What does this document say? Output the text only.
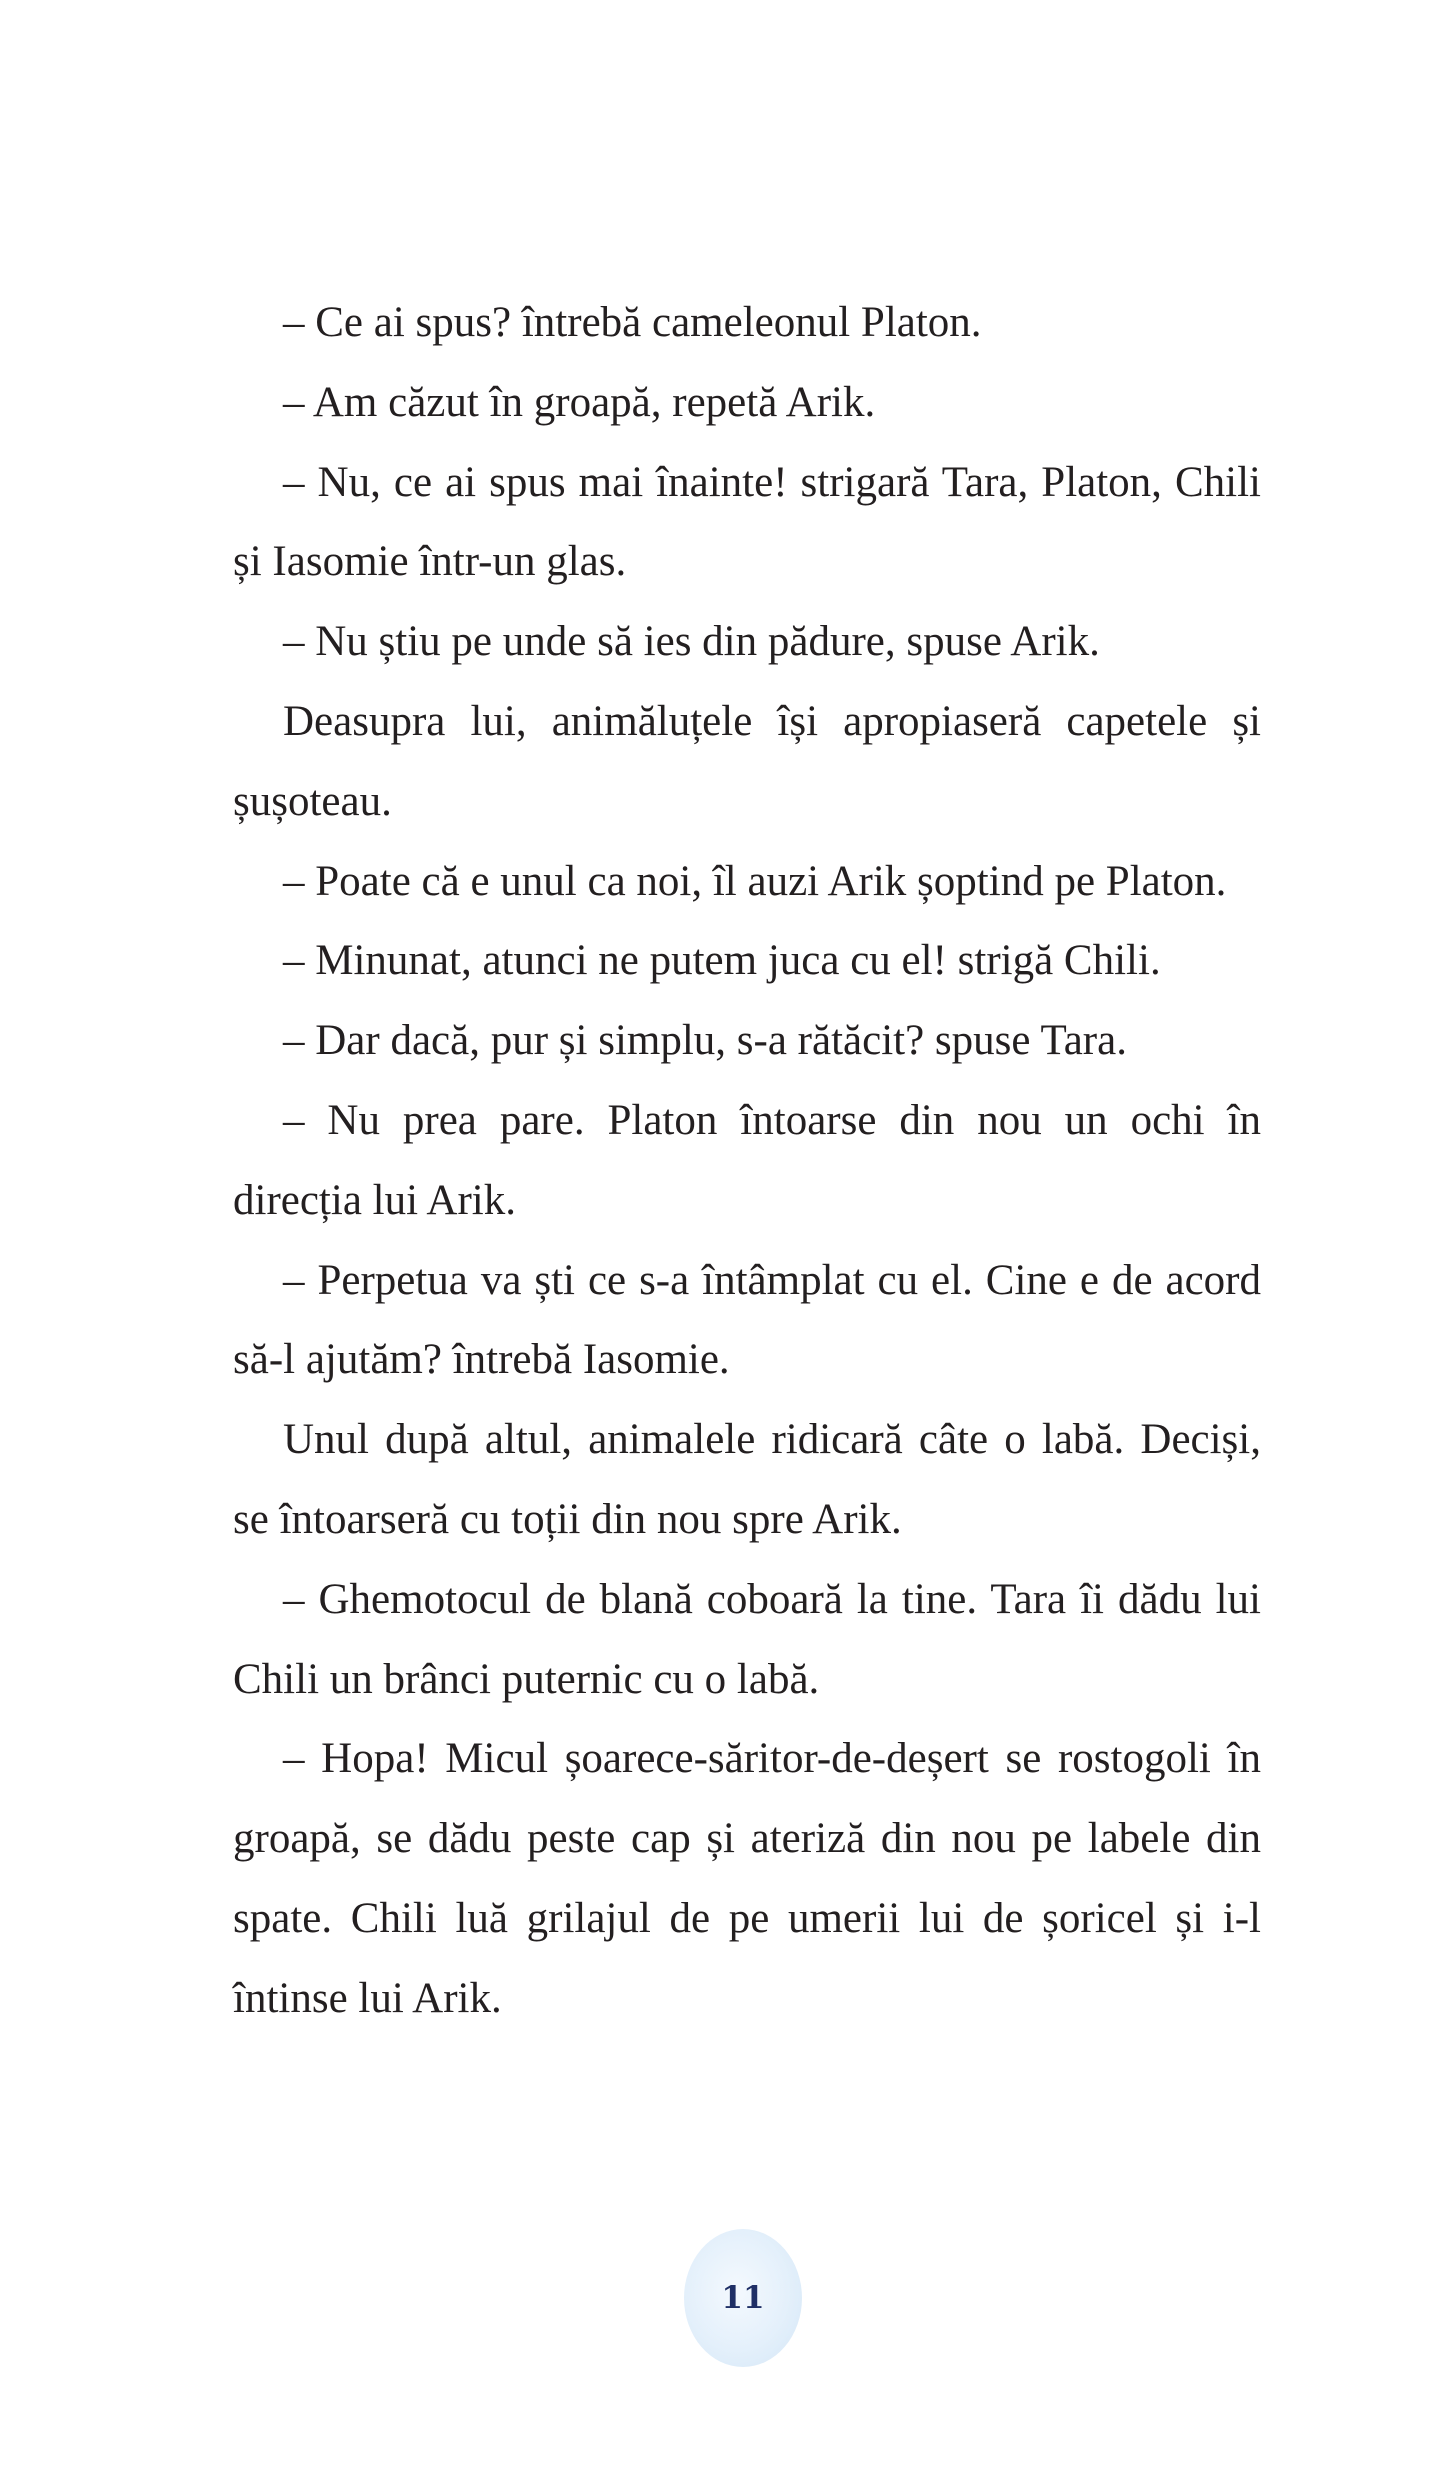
– Ce ai spus? întrebă cameleonul Platon.

– Am căzut în groapă, repetă Arik.

– Nu, ce ai spus mai înainte! strigară Tara, Platon, Chili și Iasomie într-un glas.

– Nu știu pe unde să ies din pădure, spuse Arik.

Deasupra lui, animăluțele își apropiaseră capetele și șușoteau.

– Poate că e unul ca noi, îl auzi Arik șoptind pe Platon.

– Minunat, atunci ne putem juca cu el! strigă Chili.

– Dar dacă, pur și simplu, s-a rătăcit? spuse Tara.

– Nu prea pare. Platon întoarse din nou un ochi în direcția lui Arik.

– Perpetua va ști ce s-a întâmplat cu el. Cine e de acord să-l ajutăm? întrebă Iasomie.

Unul după altul, animalele ridicară câte o labă. Deciși, se întoarseră cu toții din nou spre Arik.

– Ghemotocul de blană coboară la tine. Tara îi dădu lui Chili un brânci puternic cu o labă.

– Hopa! Micul șoarece-săritor-de-deșert se rostogoli în groapă, se dădu peste cap și ateriză din nou pe labele din spate. Chili luă grilajul de pe umerii lui de șoricel și i-l întinse lui Arik.

11
